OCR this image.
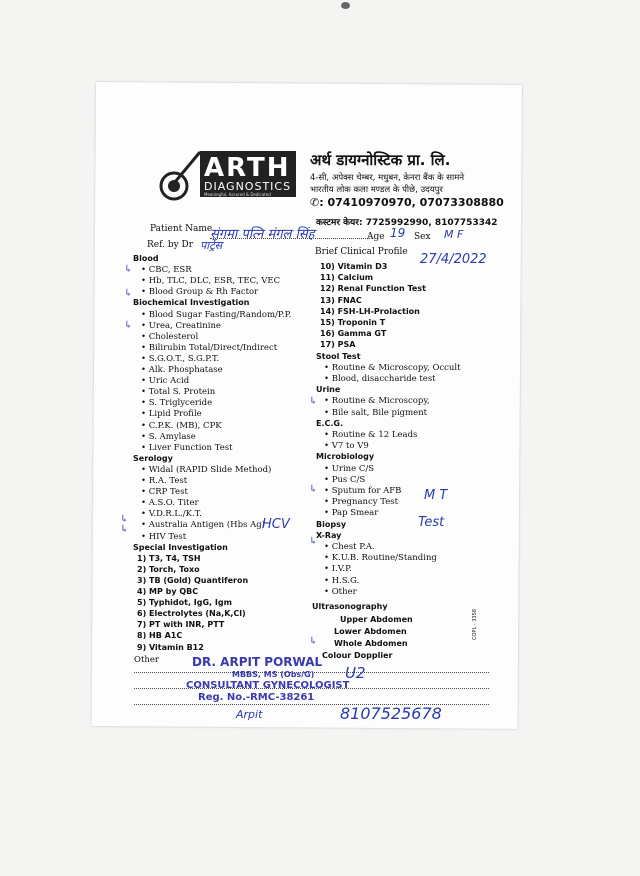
ARTH
DIAGNOSTICS
Meaningful, Assured & Dedicated
अर्थ डायग्नोस्टिक प्रा. लि.
4-सी, अपेक्स चेम्बर, मधुबन, केनरा बैंक के सामने
भारतीय लोक कला मण्डल के पीछे, उदयपुर
✆: 07410970970, 07073308880
कस्टमर केयर: 7725992990, 8107753342
Patient Name
संगमा पत्नि मंगल सिंह	Age 19 Sex M F
Ref. by Dr पार्ट्रेस	Brief Clinical Profile 27/4/2022
Blood
• CBC, ESR
• Hb, TLC, DLC, ESR, TEC, VEC
• Blood Group & Rh Factor
Biochemical Investigation
• Blood Sugar Fasting/Random/P.P.
• Urea, Creatinine
• Cholesterol
• Bilirubin Total/Direct/Indirect
• S.G.O.T., S.G.P.T.
• Alk. Phosphatase
• Uric Acid
• Total S. Protein
• S. Triglyceride
• Lipid Profile
• C.P.K. (MB), CPK
• S. Amylase
• Liver Function Test
Serology
• Widal (RAPID Slide Method)
• R.A. Test
• CRP Test
• A.S.O. Titer
• V.D.R.L./K.T.
• Australia Antigen (Hbs Ag)
• HIV Test
Special Investigation
1) T3, T4, TSH
2) Torch, Toxo
3) TB (Gold) Quantiferon
4) MP by QBC
5) Typhidot, IgG, Igm
6) Electrolytes (Na,K,Cl)
7) PT with INR, PTT
8) HB A1C
9) Vitamin B12
10) Vitamin D3
11) Calcium
12) Renal Function Test
13) FNAC
14) FSH-LH-Prolaction
15) Troponin T
16) Gamma GT
17) PSA
Stool Test
• Routine & Microscopy, Occult
• Blood, disaccharide test
Urine
• Routine & Microscopy,
• Bile salt, Bile pigment
E.C.G.
• Routine & 12 Leads
• V7 to V9
Microbiology
• Urine C/S
• Pus C/S
• Sputum for AFB
• Pregnancy Test
• Pap Smear
Biopsy
X-Ray
• Chest P.A.
• K.U.B. Routine/Standing
• I.V.P.
• H.S.G.
• Other
Ultrasonography
Upper Abdomen
Lower Abdomen
Whole Abdomen
Colour Dopplier
Other	DR. ARPIT PORWAL
MBBS, MS (Obs/G)
CONSULTANT GYNECOLOGIST
Reg. No.-RMC-38261
HCV
M T
Test
U2
8107525678
Arpit
COPL - 3358
↳
↳
↳
↳
↳
↳
↳
↳
↳
